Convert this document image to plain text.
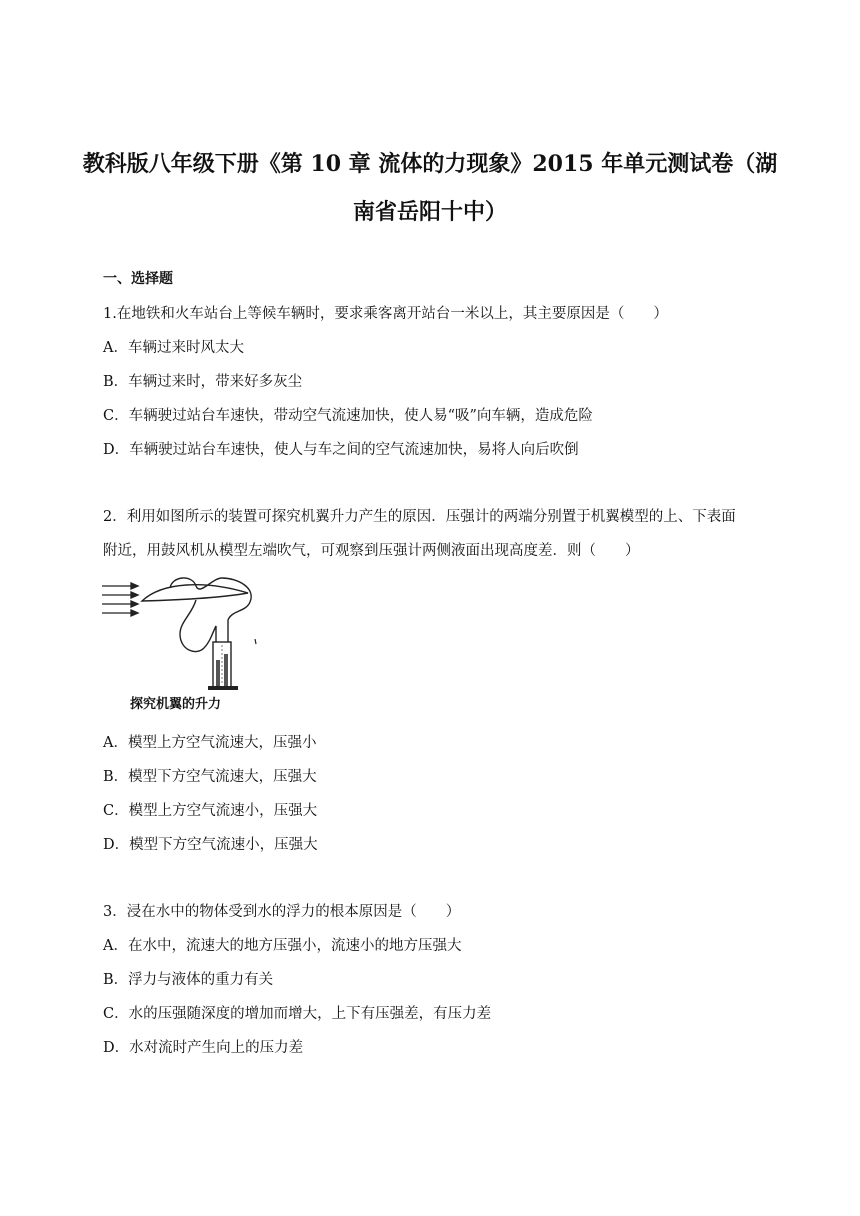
教科版八年级下册《第 10 章 流体的力现象》2015 年单元测试卷（湖
南省岳阳十中）
一、选择题
1.在地铁和火车站台上等候车辆时，要求乘客离开站台一米以上，其主要原因是（　　）
A．车辆过来时风太大
B．车辆过来时，带来好多灰尘
C．车辆驶过站台车速快，带动空气流速加快，使人易“吸”向车辆，造成危险
D．车辆驶过站台车速快，使人与车之间的空气流速加快，易将人向后吹倒
2．利用如图所示的装置可探究机翼升力产生的原因．压强计的两端分别置于机翼模型的上、下表面
附近，用鼓风机从模型左端吹气，可观察到压强计两侧液面出现高度差．则（　　）
探究机翼的升力
A．模型上方空气流速大，压强小
B．模型下方空气流速大，压强大
C．模型上方空气流速小，压强大
D．模型下方空气流速小，压强大
3．浸在水中的物体受到水的浮力的根本原因是（　　）
A．在水中，流速大的地方压强小，流速小的地方压强大
B．浮力与液体的重力有关
C．水的压强随深度的增加而增大，上下有压强差，有压力差
D．水对流时产生向上的压力差
